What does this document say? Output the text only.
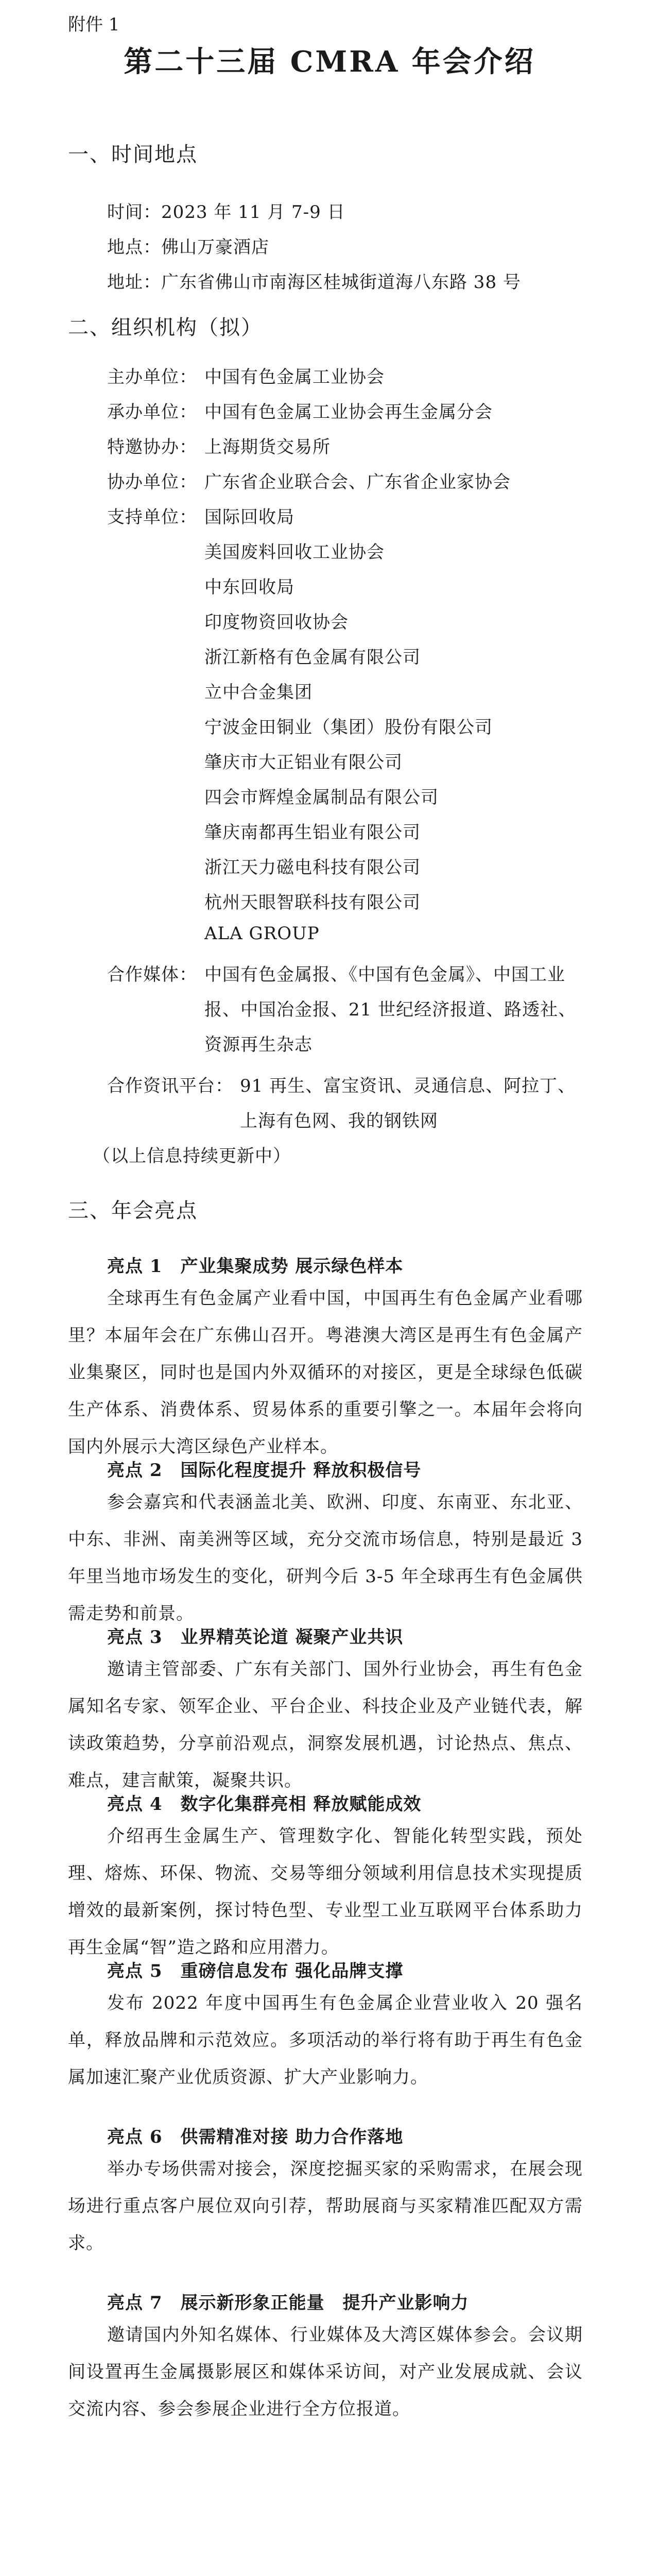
附件 1
第二十三届 CMRA 年会介绍
一、时间地点
时间：2023 年 11 月 7-9 日
地点：佛山万豪酒店
地址：广东省佛山市南海区桂城街道海八东路 38 号
二、组织机构（拟）
主办单位： 中国有色金属工业协会
承办单位： 中国有色金属工业协会再生金属分会
特邀协办： 上海期货交易所
协办单位： 广东省企业联合会、广东省企业家协会
支持单位： 国际回收局
美国废料回收工业协会
中东回收局
印度物资回收协会
浙江新格有色金属有限公司
立中合金集团
宁波金田铜业（集团）股份有限公司
肇庆市大正铝业有限公司
四会市辉煌金属制品有限公司
肇庆南都再生铝业有限公司
浙江天力磁电科技有限公司
杭州天眼智联科技有限公司
ALA GROUP
合作媒体： 中国有色金属报、《中国有色金属》、中国工业
报、中国冶金报、21 世纪经济报道、路透社、
资源再生杂志
合作资讯平台： 91 再生、富宝资讯、灵通信息、阿拉丁、
上海有色网、我的钢铁网
（以上信息持续更新中）
三、年会亮点
亮点 1　产业集聚成势 展示绿色样本
全球再生有色金属产业看中国，中国再生有色金属产业看哪里？本届年会在广东佛山召开。粤港澳大湾区是再生有色金属产业集聚区，同时也是国内外双循环的对接区，更是全球绿色低碳生产体系、消费体系、贸易体系的重要引擎之一。本届年会将向国内外展示大湾区绿色产业样本。
亮点 2　国际化程度提升 释放积极信号
参会嘉宾和代表涵盖北美、欧洲、印度、东南亚、东北亚、中东、非洲、南美洲等区域，充分交流市场信息，特别是最近 3 年里当地市场发生的变化，研判今后 3-5 年全球再生有色金属供需走势和前景。
亮点 3　业界精英论道 凝聚产业共识
邀请主管部委、广东有关部门、国外行业协会，再生有色金属知名专家、领军企业、平台企业、科技企业及产业链代表，解读政策趋势，分享前沿观点，洞察发展机遇，讨论热点、焦点、难点，建言献策，凝聚共识。
亮点 4　数字化集群亮相 释放赋能成效
介绍再生金属生产、管理数字化、智能化转型实践，预处理、熔炼、环保、物流、交易等细分领域利用信息技术实现提质增效的最新案例，探讨特色型、专业型工业互联网平台体系助力再生金属“智”造之路和应用潜力。
亮点 5　重磅信息发布 强化品牌支撑
发布 2022 年度中国再生有色金属企业营业收入 20 强名单，释放品牌和示范效应。多项活动的举行将有助于再生有色金属加速汇聚产业优质资源、扩大产业影响力。
亮点 6　供需精准对接 助力合作落地
举办专场供需对接会，深度挖掘买家的采购需求，在展会现场进行重点客户展位双向引荐，帮助展商与买家精准匹配双方需求。
亮点 7　展示新形象正能量　提升产业影响力
邀请国内外知名媒体、行业媒体及大湾区媒体参会。会议期间设置再生金属摄影展区和媒体采访间，对产业发展成就、会议交流内容、参会参展企业进行全方位报道。
